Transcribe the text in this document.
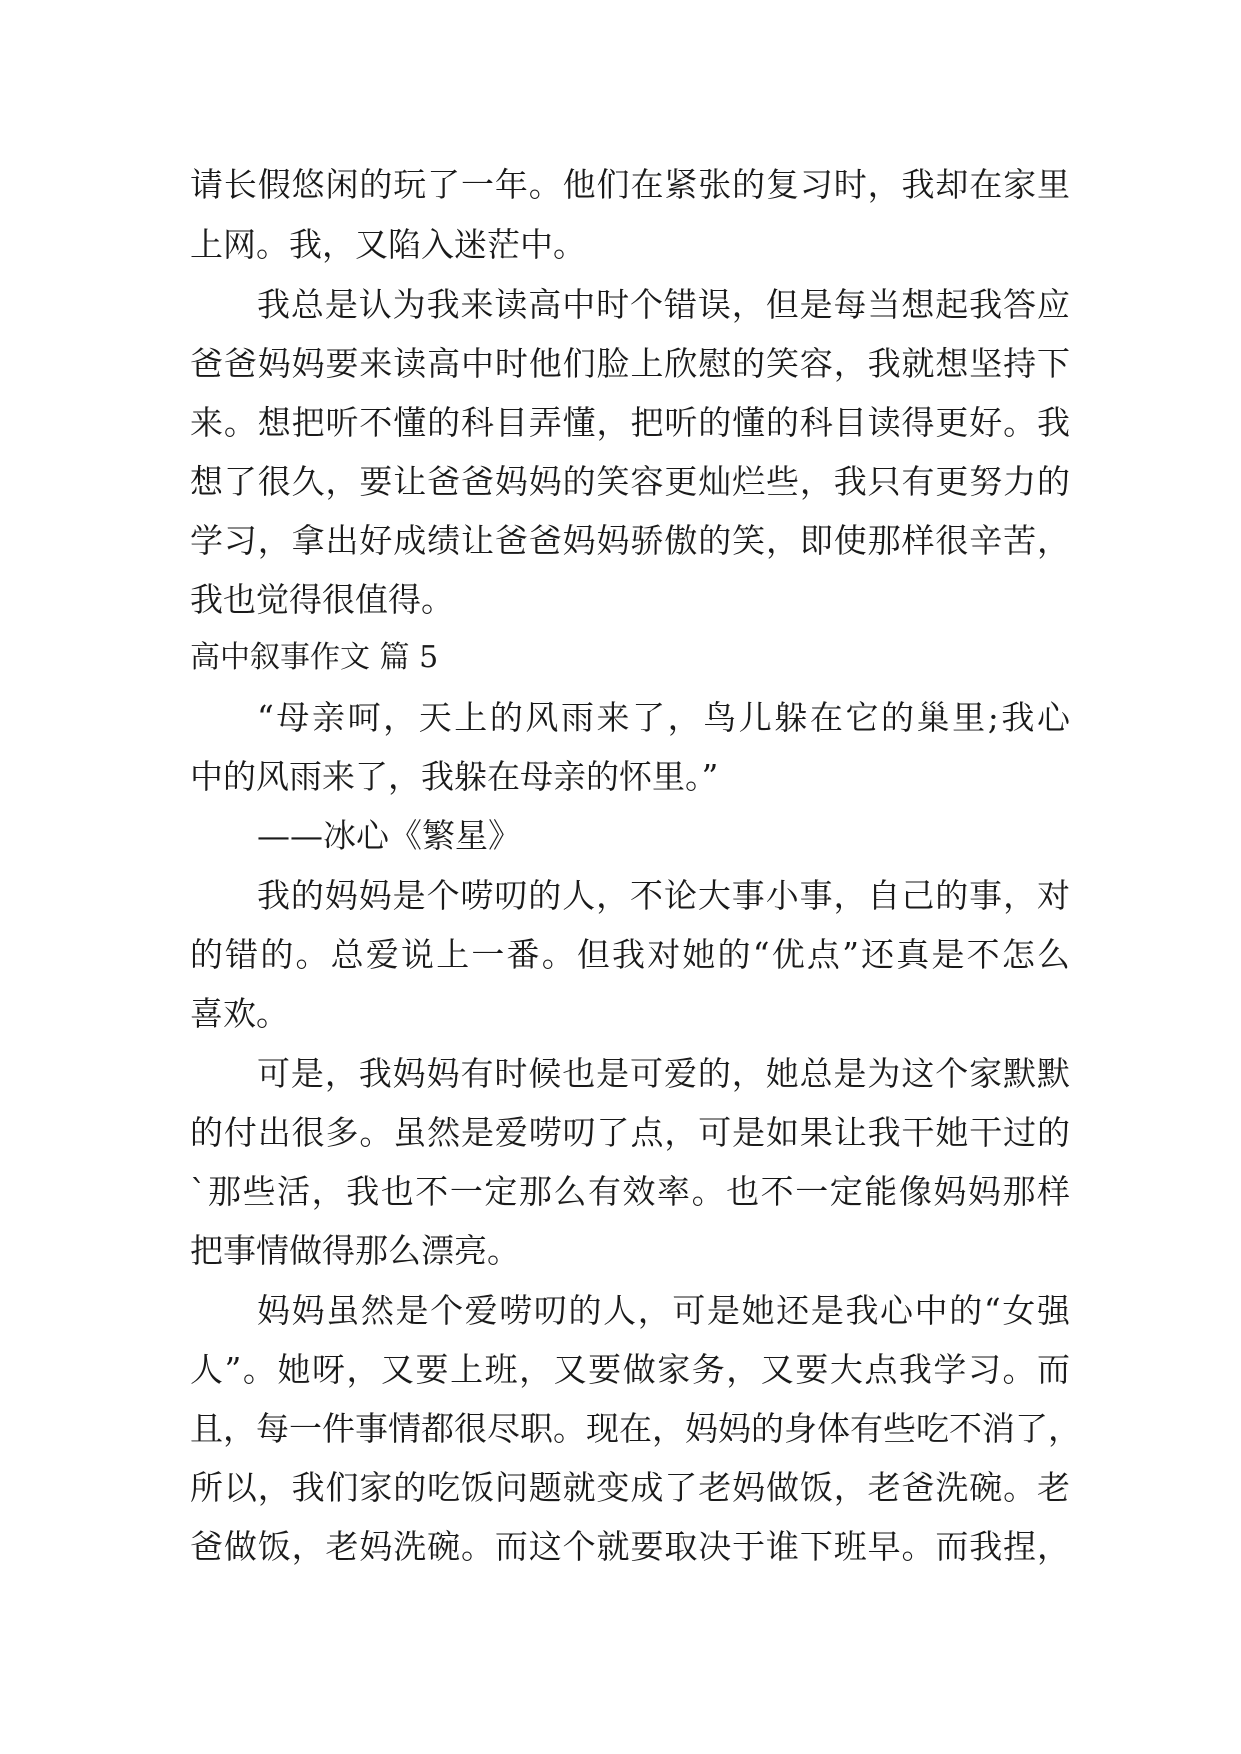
请长假悠闲的玩了一年。他们在紧张的复习时，我却在家里
上网。我，又陷入迷茫中。
我总是认为我来读高中时个错误，但是每当想起我答应
爸爸妈妈要来读高中时他们脸上欣慰的笑容，我就想坚持下
来。想把听不懂的科目弄懂，把听的懂的科目读得更好。我
想了很久，要让爸爸妈妈的笑容更灿烂些，我只有更努力的
学习，拿出好成绩让爸爸妈妈骄傲的笑，即使那样很辛苦，
我也觉得很值得。
高中叙事作文 篇 5
“母亲呵，天上的风雨来了，鸟儿躲在它的巢里;我心
中的风雨来了，我躲在母亲的怀里。”
——冰心《繁星》
我的妈妈是个唠叨的人，不论大事小事，自己的事，对
的错的。总爱说上一番。但我对她的“优点”还真是不怎么
喜欢。
可是，我妈妈有时候也是可爱的，她总是为这个家默默
的付出很多。虽然是爱唠叨了点，可是如果让我干她干过的
`那些活，我也不一定那么有效率。也不一定能像妈妈那样
把事情做得那么漂亮。
妈妈虽然是个爱唠叨的人，可是她还是我心中的“女强
人”。她呀，又要上班，又要做家务，又要大点我学习。而
且，每一件事情都很尽职。现在，妈妈的身体有些吃不消了，
所以，我们家的吃饭问题就变成了老妈做饭，老爸洗碗。老
爸做饭，老妈洗碗。而这个就要取决于谁下班早。而我捏，
